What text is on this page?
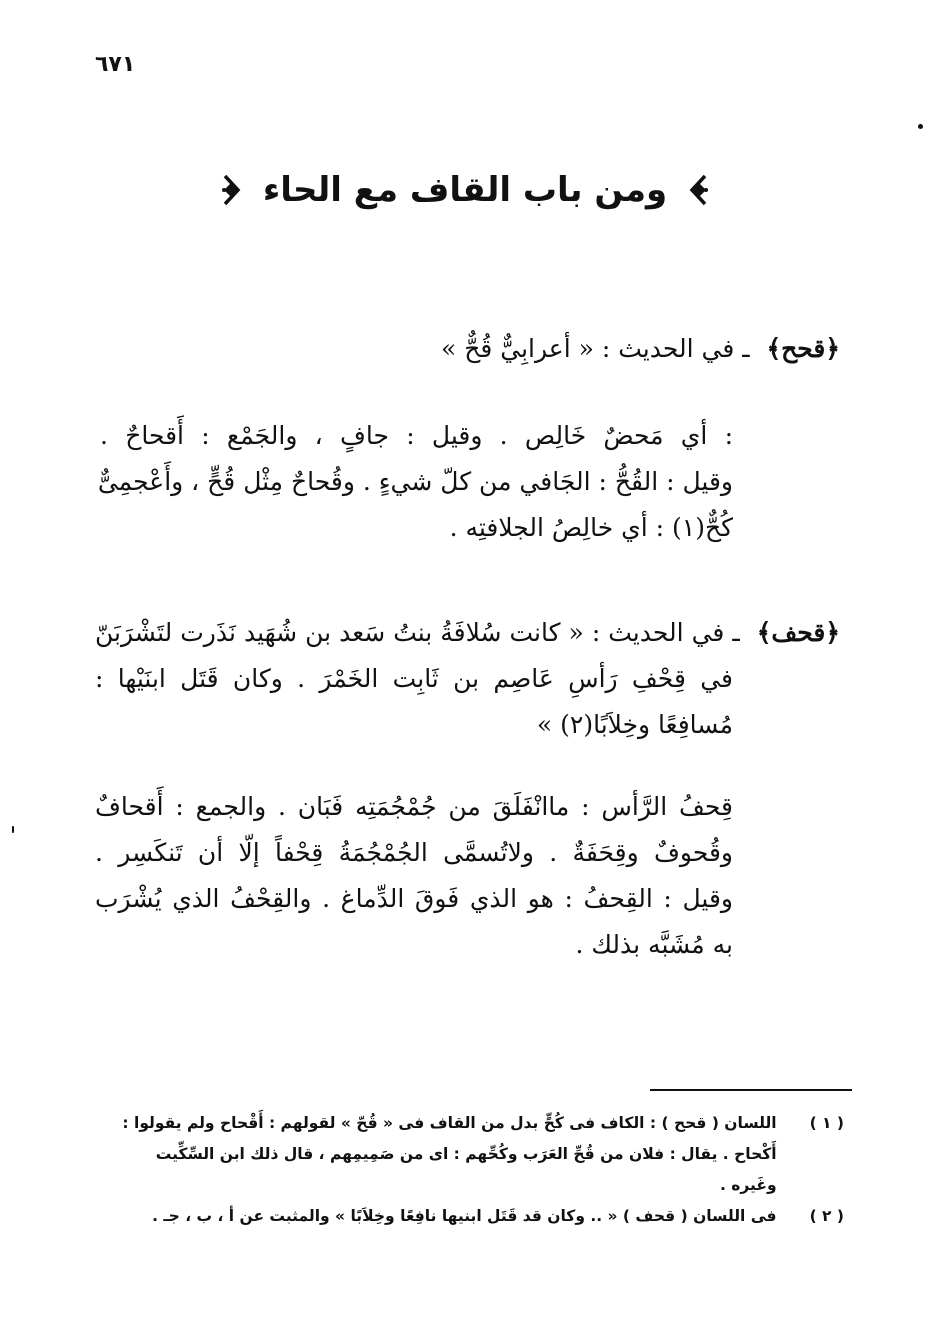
٦٧١
ومن باب القاف مع الحاء
﴿قحح﴾  ـ في الحديث : « أعرابِيٌّ قُحٌّ »
: أي مَحضٌ خَالِص . وقيل : جافٍ ، والجَمْع : أَقحاحٌ .
وقيل : القُحُّ : الجَافي من كلّ شيءٍ . وقُحاحٌ مِثْل قُحٍّ ، وأَعْجمِىٌّ
كُحٌّ(١) : أي خالِصُ الجلافتِه .
﴿قحف﴾  ـ في الحديث : « كانت سُلافَةُ بنتُ سَعد بن شُهَيد نَذَرت لتَشْرَبَنّ
في قِحْفِ رَأسِ عَاصِم بن ثَابِت الخَمْرَ . وكان قَتَل ابنَيْها :
مُسافِعًا وخِلاَبًا(٢) »
قِحفُ الرَّأس : ماانْفَلَقَ من جُمْجُمَتِه فَبَان . والجمع : أَقحافٌ
وقُحوفٌ وقِحَفَةٌ . ولاتُسمَّى الجُمْجُمَةُ قِحْفاً إلّا أن تَنكَسِر .
وقيل : القِحفُ : هو الذي فَوقَ الدِّماغ . والقِحْفُ الذي يُشْرَب
به مُشَبَّه بذلك .
( ١ ) اللسان ( قحح ) : الكاف فى كُحٍّ بدل من القاف فى « قُحّ » لقولهم : أَقْحاح ولم يقولوا :
أَكْحاح . يقال : فلان من قُحِّ العَرَب وكُحِّهم : اى من صَمِيمِهم ، قال ذلك ابن السِّكِّيت
وغَيره .
( ٢ ) فى اللسان ( قحف ) « .. وكان قد قَتَل ابنيها نافِعًا وخِلاَبًا » والمثبت عن أ ، ب ، جـ .
